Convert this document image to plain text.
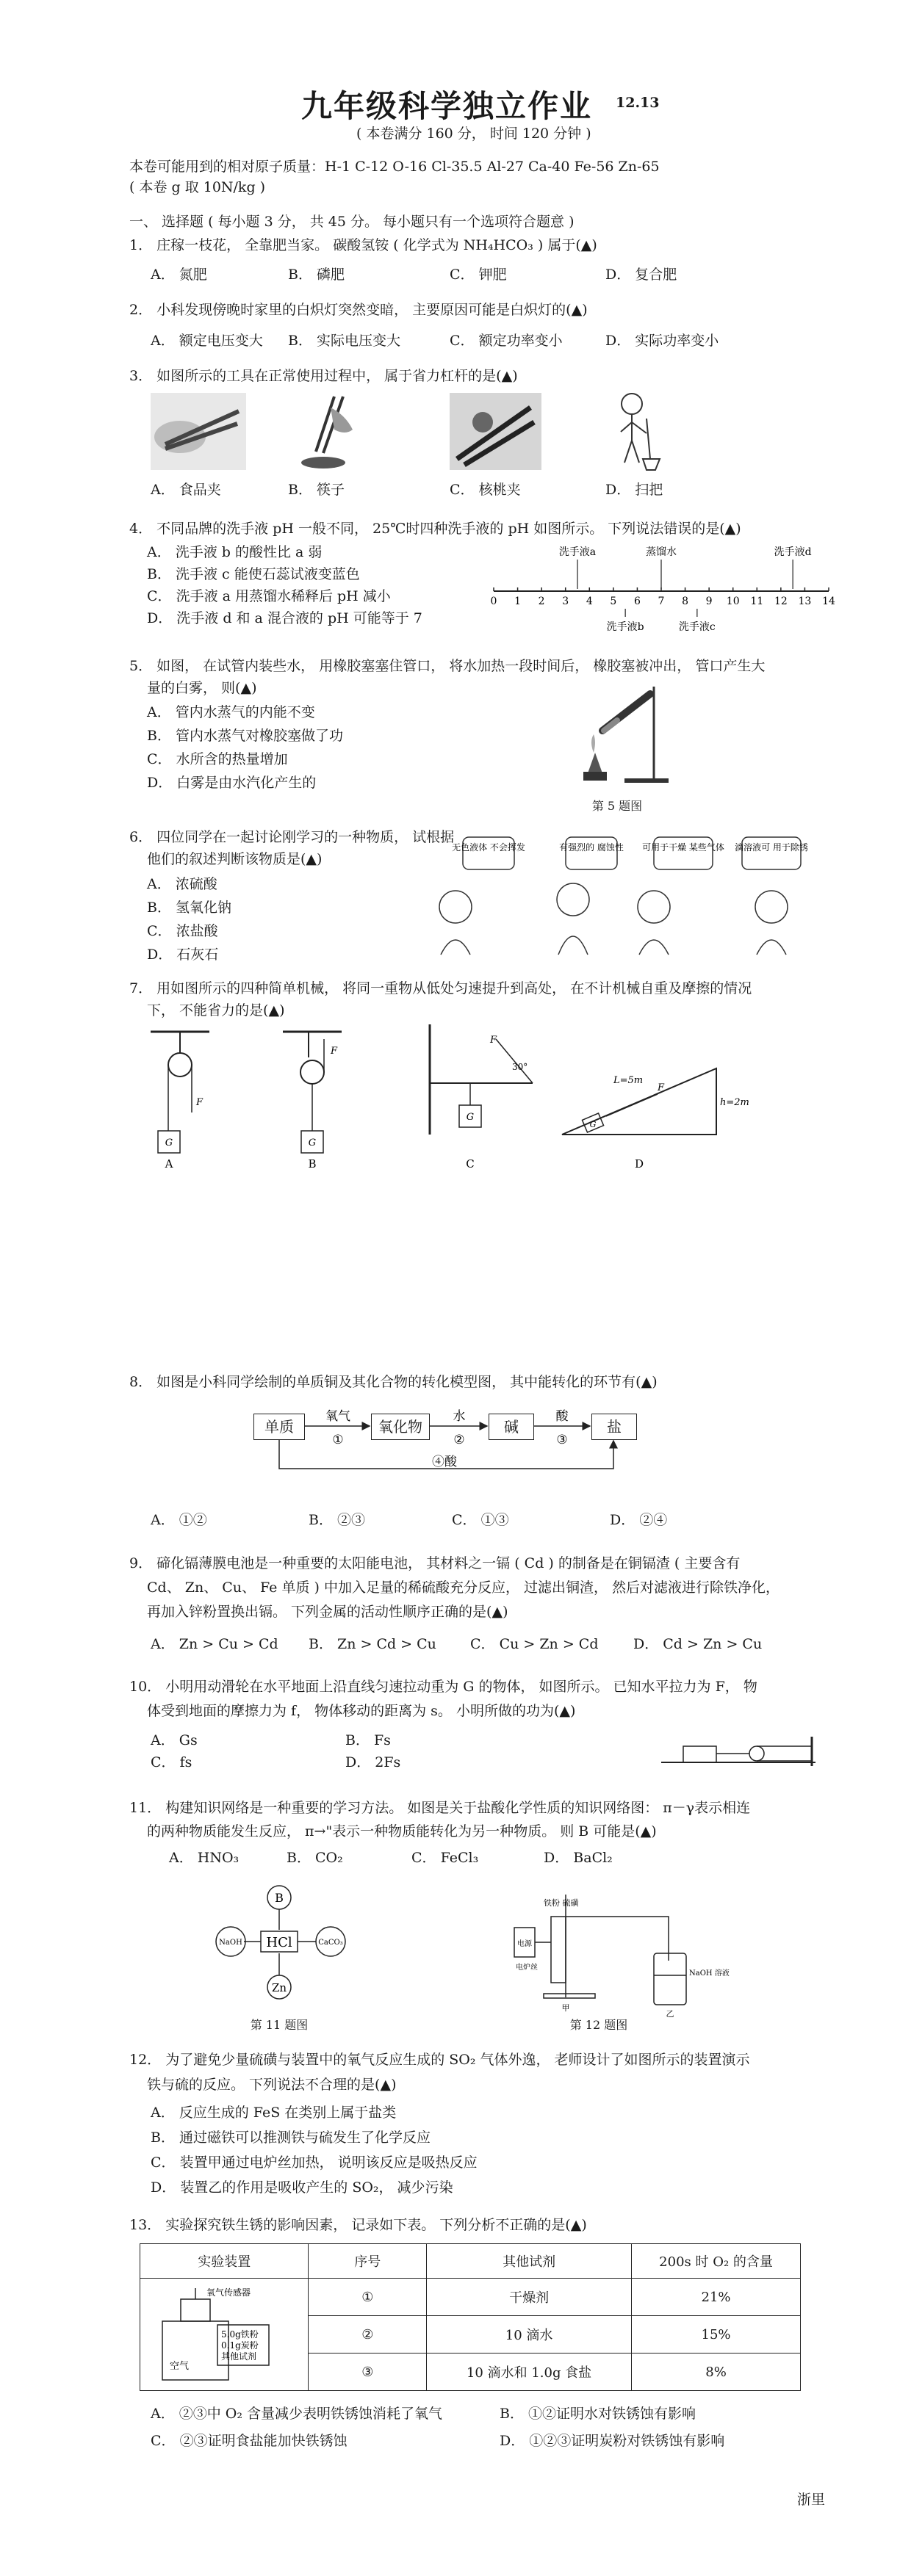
九年级科学独立作业 12.13
( 本卷满分 160 分， 时间 120 分钟 )
本卷可能用到的相对原子质量：H-1 C-12 O-16 Cl-35.5 Al-27 Ca-40 Fe-56 Zn-65
( 本卷 g 取 10N/kg )
一、 选择题 ( 每小题 3 分， 共 45 分。 每小题只有一个选项符合题意 )
1． 庄稼一枝花， 全靠肥当家。 碳酸氢铵 ( 化学式为 NH₄HCO₃ ) 属于(▲)
A． 氮肥	B． 磷肥	C． 钾肥	D． 复合肥
2． 小科发现傍晚时家里的白炽灯突然变暗， 主要原因可能是白炽灯的(▲)
A． 额定电压变大 B． 实际电压变大	C． 额定功率变小	D． 实际功率变小
3． 如图所示的工具在正常使用过程中， 属于省力杠杆的是(▲)
A． 食品夹	B． 筷子	C． 核桃夹	D． 扫把
4． 不同品牌的洗手液 pH 一般不同， 25℃时四种洗手液的 pH 如图所示。 下列说法错误的是(▲)
A． 洗手液 b 的酸性比 a 弱
B． 洗手液 c 能使石蕊试液变蓝色
C． 洗手液 a 用蒸馏水稀释后 pH 减小
D． 洗手液 d 和 a 混合液的 pH 可能等于 7
0 1 2 3 4 5 6 7 8 9 10 11 12 13 14
洗手液a
洗手液b
蒸馏水
洗手液c
洗手液d
5． 如图， 在试管内装些水， 用橡胶塞塞住管口， 将水加热一段时间后， 橡胶塞被冲出， 管口产生大
量的白雾， 则(▲)
A． 管内水蒸气的内能不变
B． 管内水蒸气对橡胶塞做了功
C． 水所含的热量增加
D． 白雾是由水汽化产生的
第 5 题图
6． 四位同学在一起讨论刚学习的一种物质， 试根据
他们的叙述判断该物质是(▲)
A． 浓硫酸
B． 氢氧化钠
C． 浓盐酸
D． 石灰石
无色液体 不会挥发	有强烈的 腐蚀性 可用于干燥 某些气体 滴溶液可 用于除锈
7． 用如图所示的四种简单机械， 将同一重物从低处匀速提升到高处， 在不计机械自重及摩擦的情况
下， 不能省力的是(▲)
G
F
G
F
G
F
30°
G
F
L=5m
h=2m
A	B	C	D
8． 如图是小科同学绘制的单质铜及其化合物的转化模型图， 其中能转化的环节有(▲)
单质	氧化物	碱	盐
氧气
①
水
②
酸
③
④酸
A． ①②	B． ②③	C． ①③	D． ②④
9． 碲化镉薄膜电池是一种重要的太阳能电池， 其材料之一镉 ( Cd ) 的制备是在铜镉渣 ( 主要含有
Cd、 Zn、 Cu、 Fe 单质 ) 中加入足量的稀硫酸充分反应， 过滤出铜渣， 然后对滤液进行除铁净化，
再加入锌粉置换出镉。 下列金属的活动性顺序正确的是(▲)
A． Zn > Cu > Cd B． Zn > Cd > Cu C． Cu > Zn > Cd	D． Cd > Zn > Cu
10． 小明用动滑轮在水平地面上沿直线匀速拉动重为 G 的物体， 如图所示。 已知水平拉力为 F， 物
体受到地面的摩擦力为 f， 物体移动的距离为 s。 小明所做的功为(▲)
A． Gs	B． Fs
C． fs	D． 2Fs
11． 构建知识网络是一种重要的学习方法。 如图是关于盐酸化学性质的知识网络图： π－γ表示相连
的两种物质能发生反应， π→"表示一种物质能转化为另一种物质。 则 B 可能是(▲)
A． HNO₃	B． CO₂	C． FeCl₃	D． BaCl₂
B
HCl
Zn
NaOH	CaCO₃
第 11 题图
铁粉 硫磺
电源
电炉丝
NaOH 溶液
甲
乙
第 12 题图
12． 为了避免少量硫磺与装置中的氧气反应生成的 SO₂ 气体外逸， 老师设计了如图所示的装置演示
铁与硫的反应。 下列说法不合理的是(▲)
A． 反应生成的 FeS 在类别上属于盐类
B． 通过磁铁可以推测铁与硫发生了化学反应
C． 装置甲通过电炉丝加热， 说明该反应是吸热反应
D． 装置乙的作用是吸收产生的 SO₂， 减少污染
13． 实验探究铁生锈的影响因素， 记录如下表。 下列分析不正确的是(▲)
实验装置	序号	其他试剂	200s 时 O₂ 的含量

氧气传感器
5.0g铁粉
0.1g炭粉
其他试剂
空气	①	干燥剂	21%
	②	10 滴水	15%
	③	10 滴水和 1.0g 食盐	8%
A． ②③中 O₂ 含量减少表明铁锈蚀消耗了氧气	B． ①②证明水对铁锈蚀有影响
C． ②③证明食盐能加快铁锈蚀	D． ①②③证明炭粉对铁锈蚀有影响
浙里
